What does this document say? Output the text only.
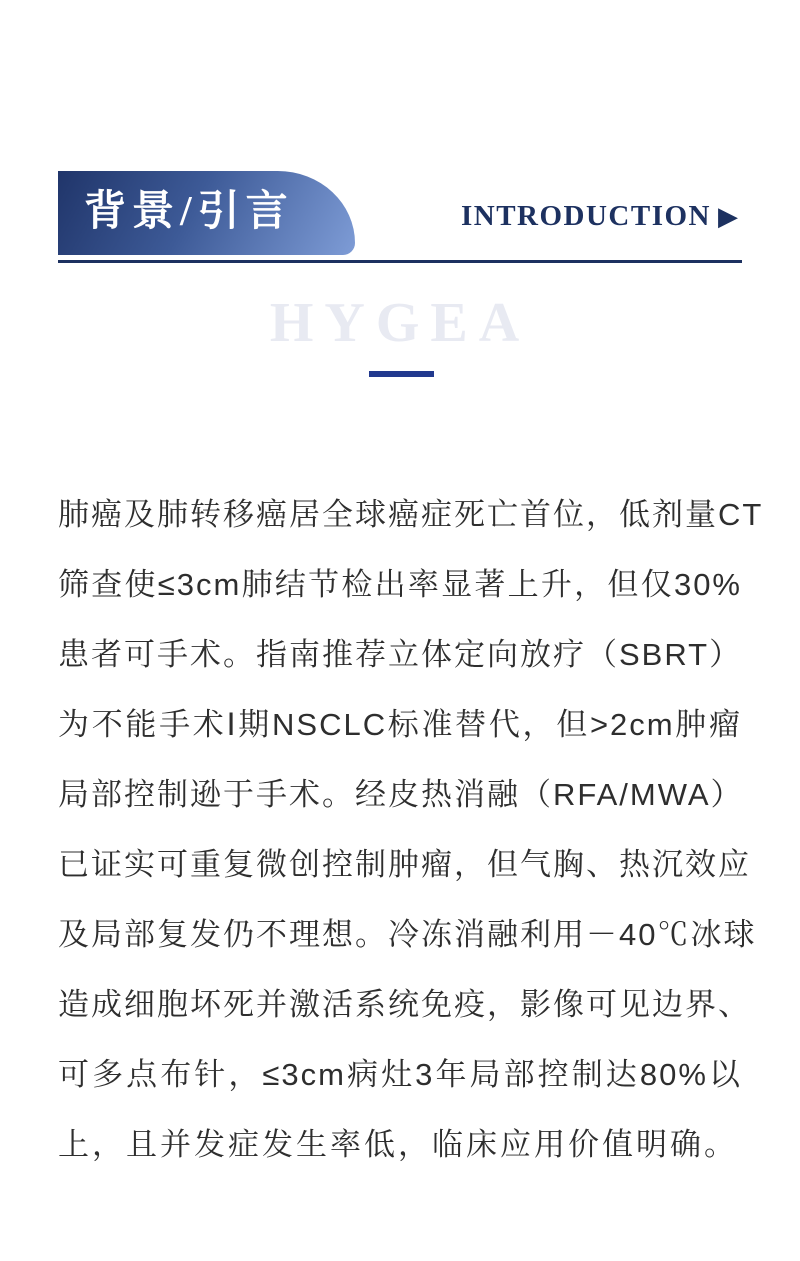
背景/引言	INTRODUCTION ▶
HYGEA
肺癌及肺转移癌居全球癌症死亡首位，低剂量CT
筛查使≤3cm肺结节检出率显著上升，但仅30%
患者可手术。指南推荐立体定向放疗（SBRT）
为不能手术Ⅰ期NSCLC标准替代，但>2cm肿瘤
局部控制逊于手术。经皮热消融（RFA/MWA）
已证实可重复微创控制肿瘤，但气胸、热沉效应
及局部复发仍不理想。冷冻消融利用－40℃冰球
造成细胞坏死并激活系统免疫，影像可见边界、
可多点布针，≤3cm病灶3年局部控制达80%以
上，且并发症发生率低，临床应用价值明确。
